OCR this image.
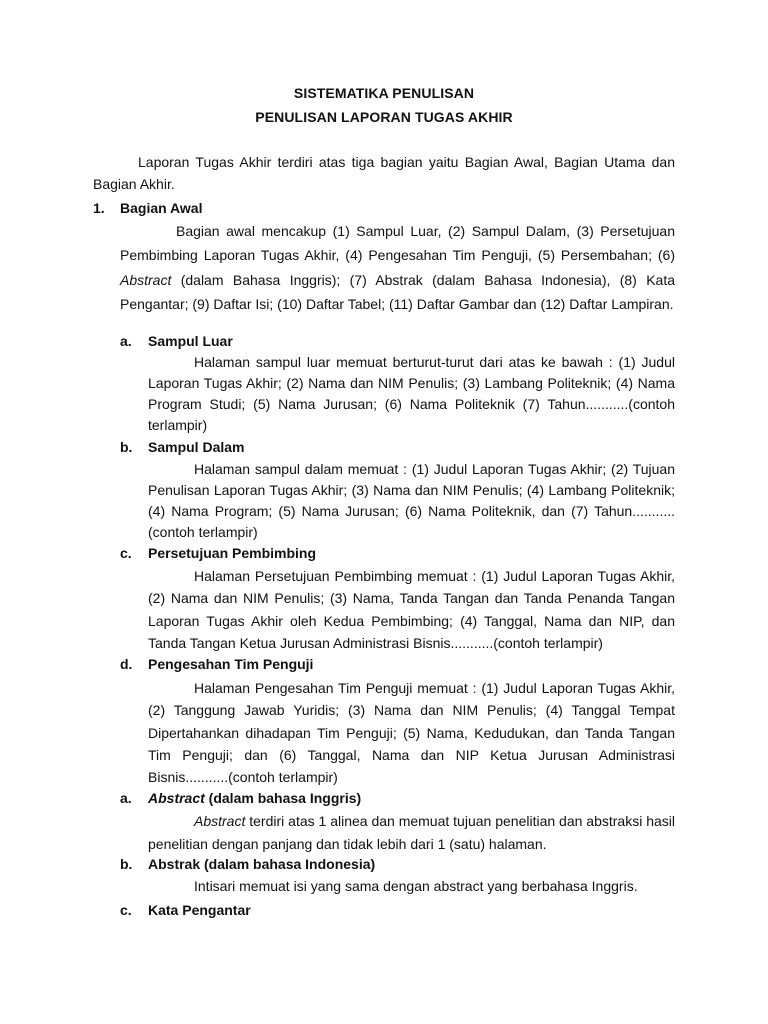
SISTEMATIKA PENULISAN
PENULISAN LAPORAN TUGAS AKHIR

Laporan Tugas Akhir terdiri atas tiga bagian yaitu Bagian Awal, Bagian Utama dan Bagian Akhir.

1. Bagian Awal

Bagian awal mencakup (1) Sampul Luar, (2) Sampul Dalam, (3) Persetujuan Pembimbing Laporan Tugas Akhir, (4) Pengesahan Tim Penguji, (5) Persembahan; (6) Abstract (dalam Bahasa Inggris); (7) Abstrak (dalam Bahasa Indonesia), (8) Kata Pengantar; (9) Daftar Isi; (10) Daftar Tabel; (11) Daftar Gambar dan (12) Daftar Lampiran.

a. Sampul Luar

Halaman sampul luar memuat berturut-turut dari atas ke bawah : (1) Judul Laporan Tugas Akhir; (2) Nama dan NIM Penulis; (3) Lambang Politeknik; (4) Nama Program Studi; (5) Nama Jurusan; (6) Nama Politeknik (7) Tahun...........(contoh terlampir)

b. Sampul Dalam

Halaman sampul dalam memuat : (1) Judul Laporan Tugas Akhir; (2) Tujuan Penulisan Laporan Tugas Akhir; (3) Nama dan NIM Penulis; (4) Lambang Politeknik; (4) Nama Program; (5) Nama Jurusan; (6) Nama Politeknik, dan (7) Tahun...........(contoh terlampir)

c. Persetujuan Pembimbing

Halaman Persetujuan Pembimbing memuat : (1) Judul Laporan Tugas Akhir, (2) Nama dan NIM Penulis; (3) Nama, Tanda Tangan dan Tanda Penanda Tangan Laporan Tugas Akhir oleh Kedua Pembimbing; (4) Tanggal, Nama dan NIP, dan Tanda Tangan Ketua Jurusan Administrasi Bisnis...........(contoh terlampir)

d. Pengesahan Tim Penguji

Halaman Pengesahan Tim Penguji memuat : (1) Judul Laporan Tugas Akhir, (2) Tanggung Jawab Yuridis; (3) Nama dan NIM Penulis; (4) Tanggal Tempat Dipertahankan dihadapan Tim Penguji; (5) Nama, Kedudukan, dan Tanda Tangan Tim Penguji; dan (6) Tanggal, Nama dan NIP Ketua Jurusan Administrasi Bisnis...........(contoh terlampir)

a. Abstract (dalam bahasa Inggris)

Abstract terdiri atas 1 alinea dan memuat tujuan penelitian dan abstraksi hasil penelitian dengan panjang dan tidak lebih dari 1 (satu) halaman.

b. Abstrak (dalam bahasa Indonesia)

Intisari memuat isi yang sama dengan abstract yang berbahasa Inggris.

c. Kata Pengantar
